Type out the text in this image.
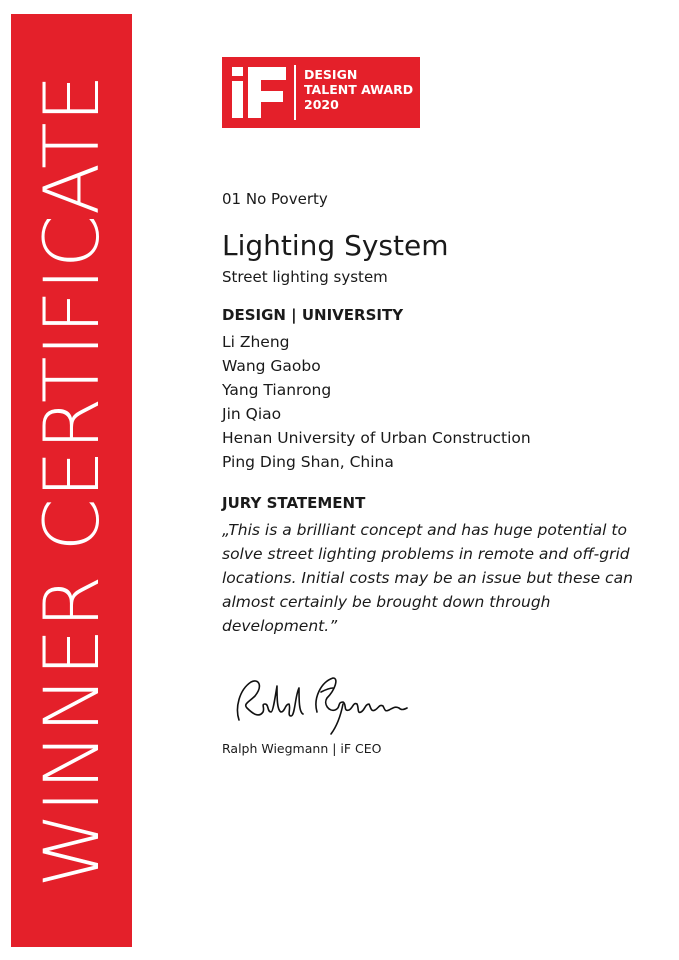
WINNER CERTIFICATE	DESIGN
TALENT AWARD
2020
01 No Poverty
Lighting System
Street lighting system
DESIGN | UNIVERSITY
Li Zheng
Wang Gaobo
Yang Tianrong
Jin Qiao
Henan University of Urban Construction
Ping Ding Shan, China
JURY STATEMENT
„This is a brilliant concept and has huge potential to solve street lighting problems in remote and off-grid locations. Initial costs may be an issue but these can almost certainly be brought down through development.”
Ralph Wiegmann | iF CEO
